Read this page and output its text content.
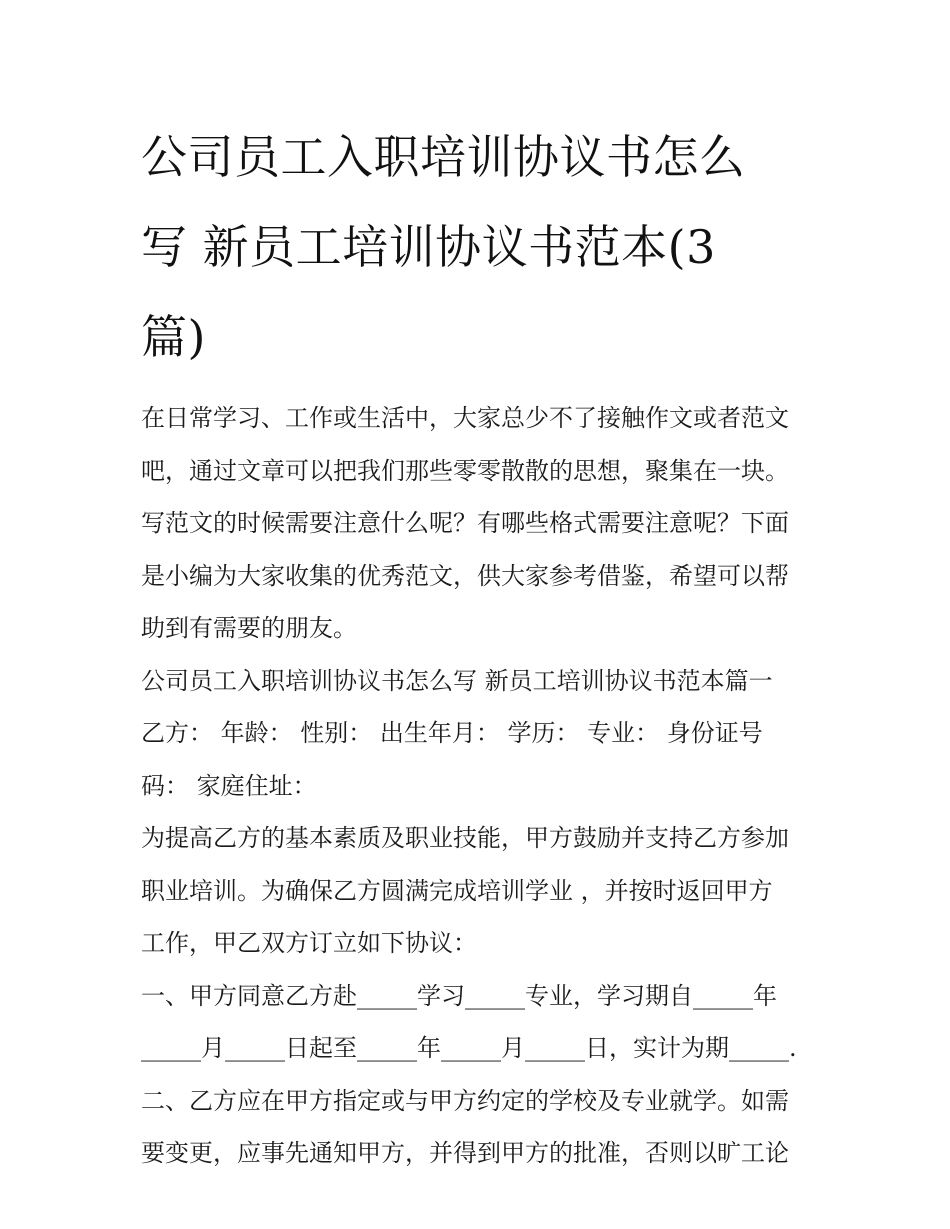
公司员工入职培训协议书怎么
写 新员工培训协议书范本(3
篇)

在日常学习、工作或生活中，大家总少不了接触作文或者范文
吧，通过文章可以把我们那些零零散散的思想，聚集在一块。
写范文的时候需要注意什么呢？有哪些格式需要注意呢？下面
是小编为大家收集的优秀范文，供大家参考借鉴，希望可以帮
助到有需要的朋友。

公司员工入职培训协议书怎么写 新员工培训协议书范本篇一

乙方： 年龄： 性别： 出生年月： 学历： 专业： 身份证号
码： 家庭住址：

为提高乙方的基本素质及职业技能，甲方鼓励并支持乙方参加
职业培训。为确保乙方圆满完成培训学业 ，并按时返回甲方
工作，甲乙双方订立如下协议：

一、甲方同意乙方赴_____学习_____专业，学习期自_____年
_____月_____日起至_____年_____月_____日，实计为期_____.

二、乙方应在甲方指定或与甲方约定的学校及专业就学。如需
要变更，应事先通知甲方，并得到甲方的批准，否则以旷工论
